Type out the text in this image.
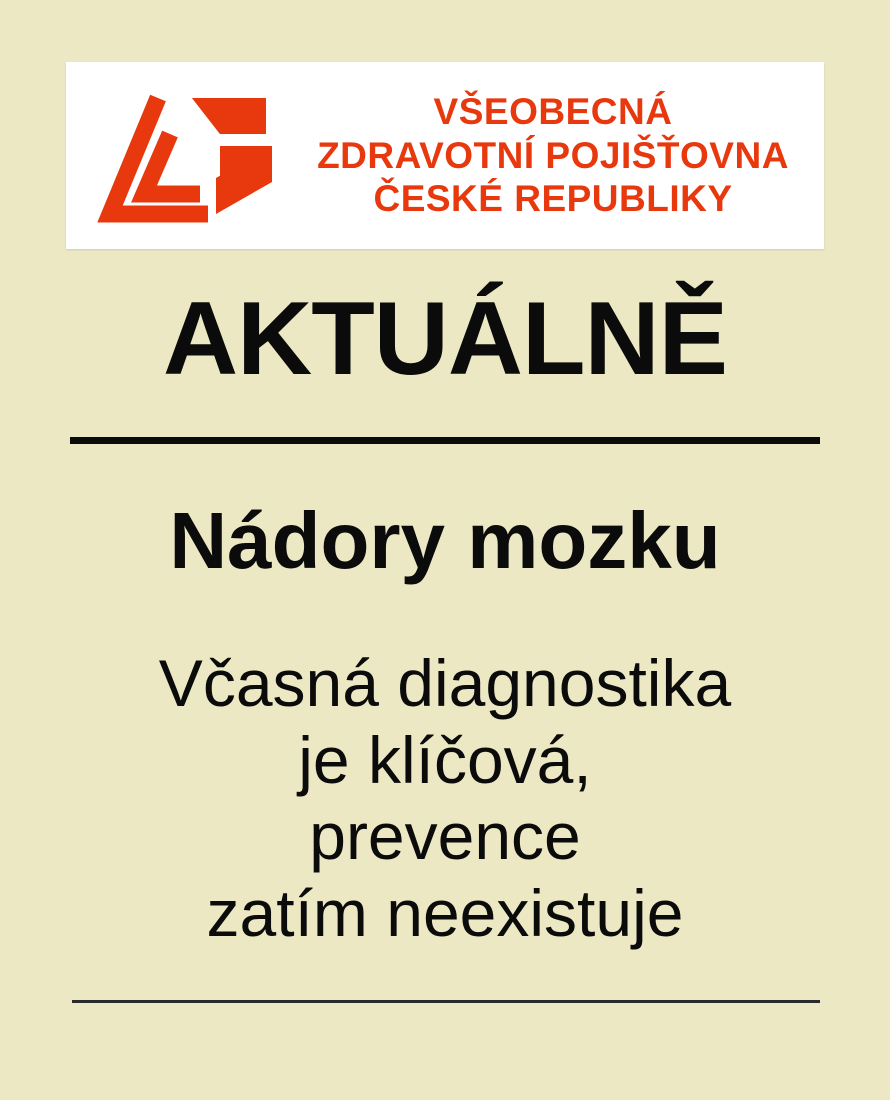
VŠEOBECNÁ
ZDRAVOTNÍ POJIŠŤOVNA
ČESKÉ REPUBLIKY
AKTUÁLNĚ
Nádory mozku
Včasná diagnostika
je klíčová,
prevence
zatím neexistuje
